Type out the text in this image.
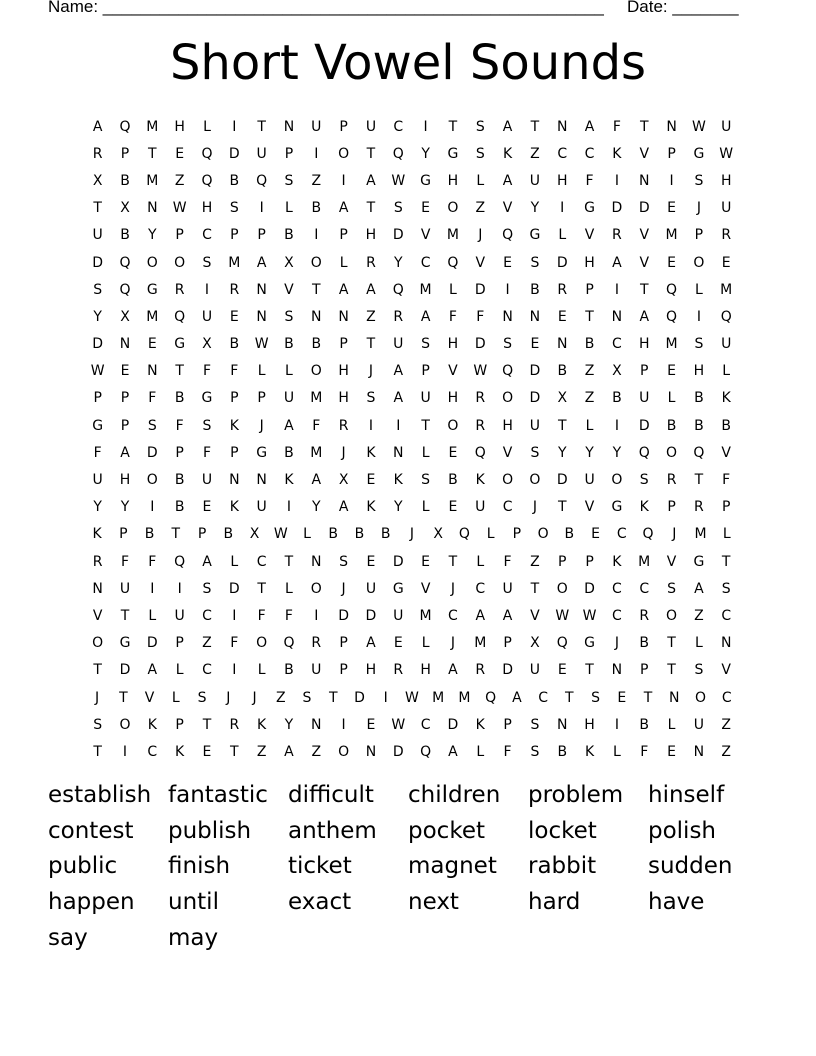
Name: _____________________________________________________ Date: _______
Short Vowel Sounds
A	Q	M	H	L	I	T	N	U	P	U	C	I	T	S	A	T	N	A	F	T	N	W	U
R	P	T	E	Q	D	U	P	I	O	T	Q	Y	G	S	K	Z	C	C	K	V	P	G	W
X	B	M	Z	Q	B	Q	S	Z	I	A	W	G	H	L	A	U	H	F	I	N	I	S	H
T	X	N	W	H	S	I	L	B	A	T	S	E	O	Z	V	Y	I	G	D	D	E	J	U
U	B	Y	P	C	P	P	B	I	P	H	D	V	M	J	Q	G	L	V	R	V	M	P	R
D	Q	O	O	S	M	A	X	O	L	R	Y	C	Q	V	E	S	D	H	A	V	E	O	E
S	Q	G	R	I	R	N	V	T	A	A	Q	M	L	D	I	B	R	P	I	T	Q	L	M
Y	X	M	Q	U	E	N	S	N	N	Z	R	A	F	F	N	N	E	T	N	A	Q	I	Q
D	N	E	G	X	B	W	B	B	P	T	U	S	H	D	S	E	N	B	C	H	M	S	U
W	E	N	T	F	F	L	L	O	H	J	A	P	V	W	Q	D	B	Z	X	P	E	H	L
P	P	F	B	G	P	P	U	M	H	S	A	U	H	R	O	D	X	Z	B	U	L	B	K
G	P	S	F	S	K	J	A	F	R	I	I	T	O	R	H	U	T	L	I	D	B	B	B
F	A	D	P	F	P	G	B	M	J	K	N	L	E	Q	V	S	Y	Y	Y	Q	O	Q	V
U	H	O	B	U	N	N	K	A	X	E	K	S	B	K	O	O	D	U	O	S	R	T	F
Y	Y	I	B	E	K	U	I	Y	A	K	Y	L	E	U	C	J	T	V	G	K	P	R	P
K	P	B	T	P	B	X	W	L	B	B	B	J	X	Q	L	P	O	B	E	C	Q	J	M	L
R	F	F	Q	A	L	C	T	N	S	E	D	E	T	L	F	Z	P	P	K	M	V	G	T
N	U	I	I	S	D	T	L	O	J	U	G	V	J	C	U	T	O	D	C	C	S	A	S
V	T	L	U	C	I	F	F	I	D	D	U	M	C	A	A	V	W W	C	R	O	Z	C
O	G	D	P	Z	F	O	Q	R	P	A	E	L	J	M	P	X	Q	G	J	B	T	L	N
T	D	A	L	C	I	L	B	U	P	H	R	H	A	R	D	U	E	T	N	P	T	S	V
J	T	V	L	S	J	J	Z	S	T	D	I	W M	M	Q	A	C	T	S	E	T	N	O	C
S	O	K	P	T	R	K	Y	N	I	E	W	C	D	K	P	S	N	H	I	B	L	U	Z
T	I	C	K	E	T	Z	A	Z	O	N	D	Q	A	L	F	S	B	K	L	F	E	N	Z
establish fantastic difficult	children	problem	hinself
contest	publish	anthem	pocket	locket	polish
public	finish	ticket	magnet	rabbit	sudden
happen	until	exact	next	hard	have
say	may
